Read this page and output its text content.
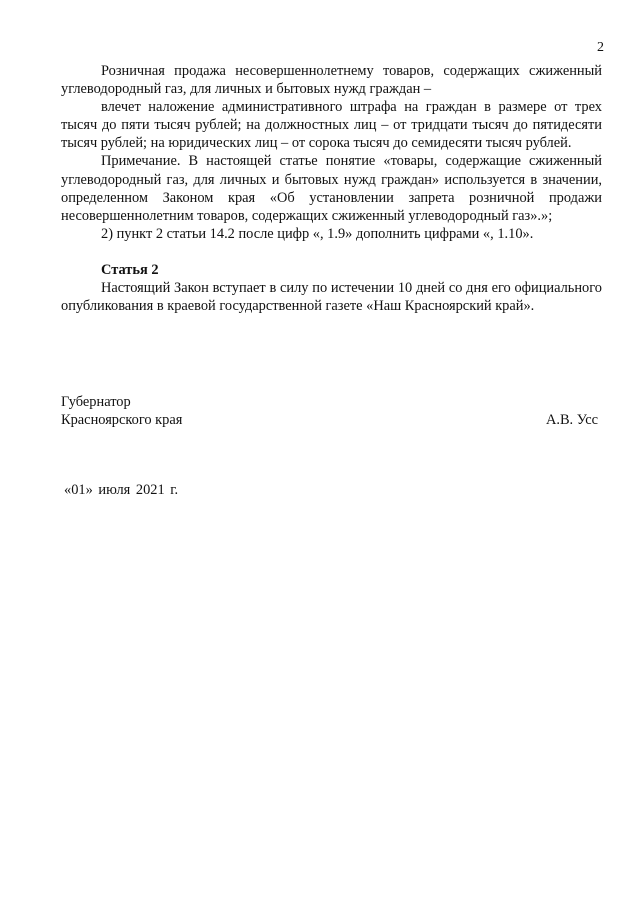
2

Розничная продажа несовершеннолетнему товаров, содержащих сжиженный углеводородный газ, для личных и бытовых нужд граждан –

влечет наложение административного штрафа на граждан в размере от трех тысяч до пяти тысяч рублей; на должностных лиц – от тридцати тысяч до пятидесяти тысяч рублей; на юридических лиц – от сорока тысяч до семидесяти тысяч рублей.

Примечание. В настоящей статье понятие «товары, содержащие сжиженный углеводородный газ, для личных и бытовых нужд граждан» используется в значении, определенном Законом края «Об установлении запрета розничной продажи несовершеннолетним товаров, содержащих сжиженный углеводородный газ».»;

2) пункт 2 статьи 14.2 после цифр «, 1.9» дополнить цифрами «, 1.10».

Статья 2

Настоящий Закон вступает в силу по истечении 10 дней со дня его официального опубликования в краевой государственной газете «Наш Красноярский край».

Губернатор
Красноярского края	А.В. Усс
«01» июля 2021 г.
